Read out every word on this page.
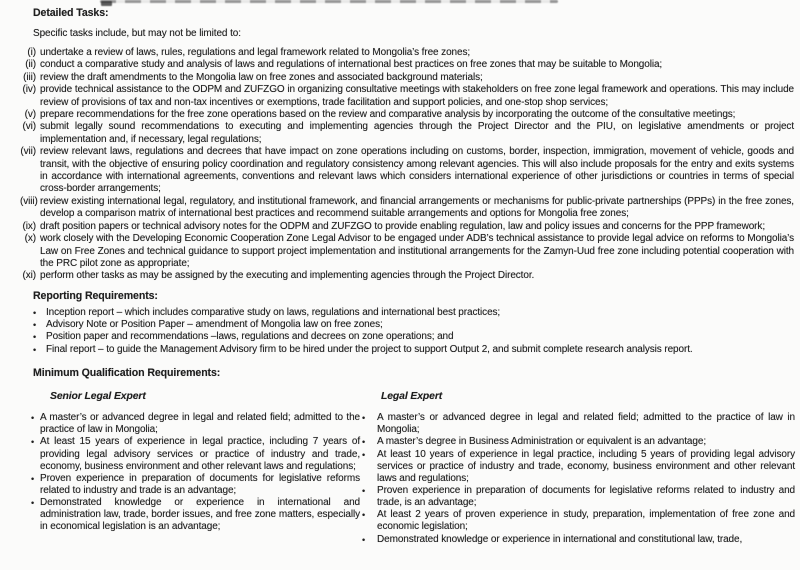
Detailed Tasks:

Specific tasks include, but may not be limited to:

(i) undertake a review of laws, rules, regulations and legal framework related to Mongolia’s free zones;
(ii) conduct a comparative study and analysis of laws and regulations of international best practices on free zones that may be suitable to Mongolia;
(iii) review the draft amendments to the Mongolia law on free zones and associated background materials;
(iv) provide technical assistance to the ODPM and ZUFZGO in organizing consultative meetings with stakeholders on free zone legal framework and operations. This may include review of provisions of tax and non-tax incentives or exemptions, trade facilitation and support policies, and one-stop shop services;
(v) prepare recommendations for the free zone operations based on the review and comparative analysis by incorporating the outcome of the consultative meetings;
(vi) submit legally sound recommendations to executing and implementing agencies through the Project Director and the PIU, on legislative amendments or project implementation and, if necessary, legal regulations;
(vii) review relevant laws, regulations and decrees that have impact on zone operations including on customs, border, inspection, immigration, movement of vehicle, goods and transit, with the objective of ensuring policy coordination and regulatory consistency among relevant agencies. This will also include proposals for the entry and exits systems in accordance with international agreements, conventions and relevant laws which considers international experience of other jurisdictions or countries in terms of special cross-border arrangements;
(viii) review existing international legal, regulatory, and institutional framework, and financial arrangements or mechanisms for public-private partnerships (PPPs) in the free zones, develop a comparison matrix of international best practices and recommend suitable arrangements and options for Mongolia free zones;
(ix) draft position papers or technical advisory notes for the ODPM and ZUFZGO to provide enabling regulation, law and policy issues and concerns for the PPP framework;
(x) work closely with the Developing Economic Cooperation Zone Legal Advisor to be engaged under ADB’s technical assistance to provide legal advice on reforms to Mongolia’s Law on Free Zones and technical guidance to support project implementation and institutional arrangements for the Zamyn-Uud free zone including potential cooperation with the PRC pilot zone as appropriate;
(xi) perform other tasks as may be assigned by the executing and implementing agencies through the Project Director.
Reporting Requirements:
• Inception report – which includes comparative study on laws, regulations and international best practices;
• Advisory Note or Position Paper – amendment of Mongolia law on free zones;
• Position paper and recommendations –laws, regulations and decrees on zone operations; and
• Final report – to guide the Management Advisory firm to be hired under the project to support Output 2, and submit complete research analysis report.
Minimum Qualification Requirements:
Senior Legal Expert
• A master’s or advanced degree in legal and related field; admitted to the practice of law in Mongolia;
• At least 15 years of experience in legal practice, including 7 years of providing legal advisory services or practice of industry and trade, economy, business environment and other relevant laws and regulations;
• Proven experience in preparation of documents for legislative reforms related to industry and trade is an advantage;
• Demonstrated knowledge or experience in international and administration law, trade, border issues, and free zone matters, especially in economical legislation is an advantage;
Legal Expert
• A master’s or advanced degree in legal and related field; admitted to the practice of law in Mongolia;
• A master’s degree in Business Administration or equivalent is an advantage;
• At least 10 years of experience in legal practice, including 5 years of providing legal advisory services or practice of industry and trade, economy, business environment and other relevant laws and regulations;
• Proven experience in preparation of documents for legislative reforms related to industry and trade, is an advantage;
• At least 2 years of proven experience in study, preparation, implementation of free zone and economic legislation;
• Demonstrated knowledge or experience in international and constitutional law, trade,
